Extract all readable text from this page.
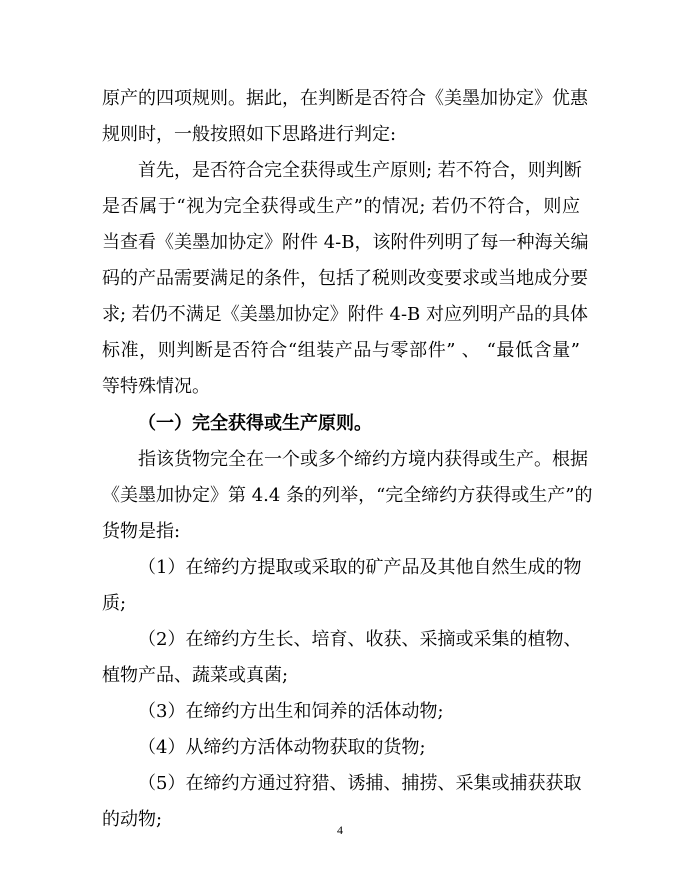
原产的四项规则。据此，在判断是否符合《美墨加协定》优惠
规则时，一般按照如下思路进行判定:
首先，是否符合完全获得或生产原则; 若不符合，则判断
是否属于“视为完全获得或生产”的情况; 若仍不符合，则应
当查看《美墨加协定》附件 4-B，该附件列明了每一种海关编
码的产品需要满足的条件，包括了税则改变要求或当地成分要
求; 若仍不满足《美墨加协定》附件 4-B 对应列明产品的具体
标准，则判断是否符合“组装产品与零部件” 、 “最低含量”
等特殊情况。
（一）完全获得或生产原则。
指该货物完全在一个或多个缔约方境内获得或生产。根据
《美墨加协定》第 4.4 条的列举，“完全缔约方获得或生产”的
货物是指:
（1）在缔约方提取或采取的矿产品及其他自然生成的物
质;
（2）在缔约方生长、培育、收获、采摘或采集的植物、
植物产品、蔬菜或真菌;
（3）在缔约方出生和饲养的活体动物;
（4）从缔约方活体动物获取的货物;
（5）在缔约方通过狩猎、诱捕、捕捞、采集或捕获获取
的动物;	4
